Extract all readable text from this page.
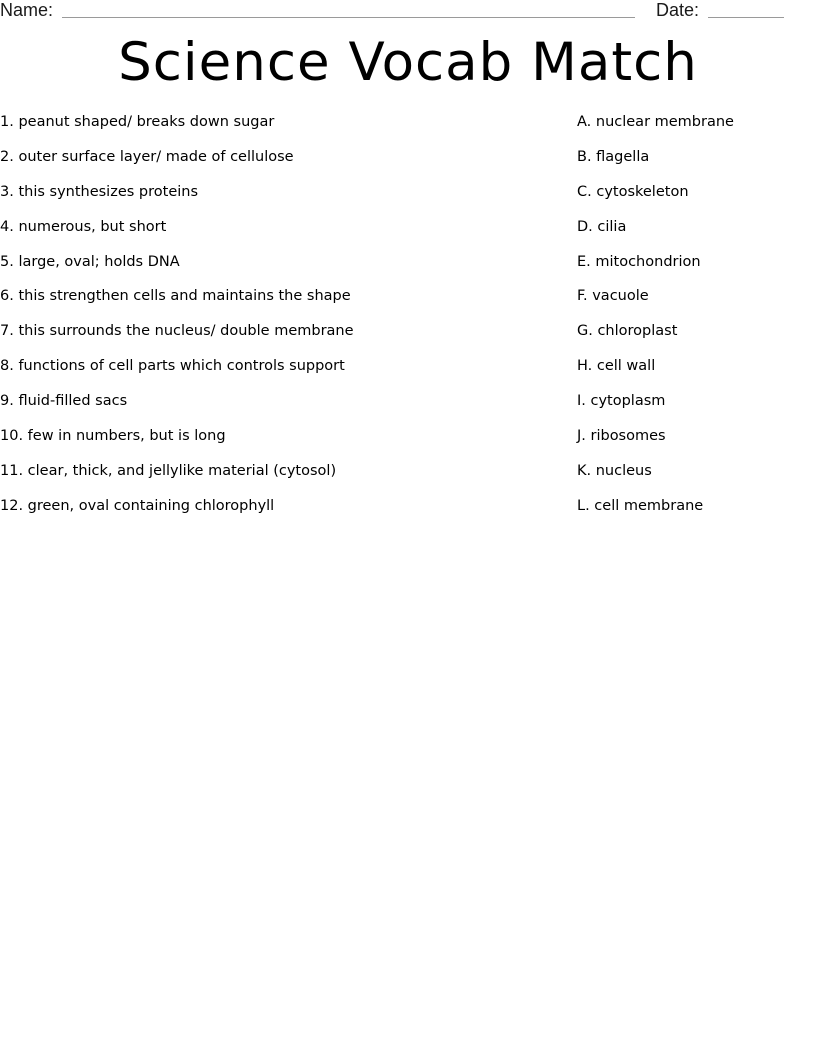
Name:	Date:
Science Vocab Match
1. peanut shaped/ breaks down sugar
2. outer surface layer/ made of cellulose
3. this synthesizes proteins
4. numerous, but short
5. large, oval; holds DNA
6. this strengthen cells and maintains the shape
7. this surrounds the nucleus/ double membrane
8. functions of cell parts which controls support
9. fluid-filled sacs
10. few in numbers, but is long
11. clear, thick, and jellylike material (cytosol)
12. green, oval containing chlorophyll
A. nuclear membrane
B. flagella
C. cytoskeleton
D. cilia
E. mitochondrion
F. vacuole
G. chloroplast
H. cell wall
I. cytoplasm
J. ribosomes
K. nucleus
L. cell membrane
